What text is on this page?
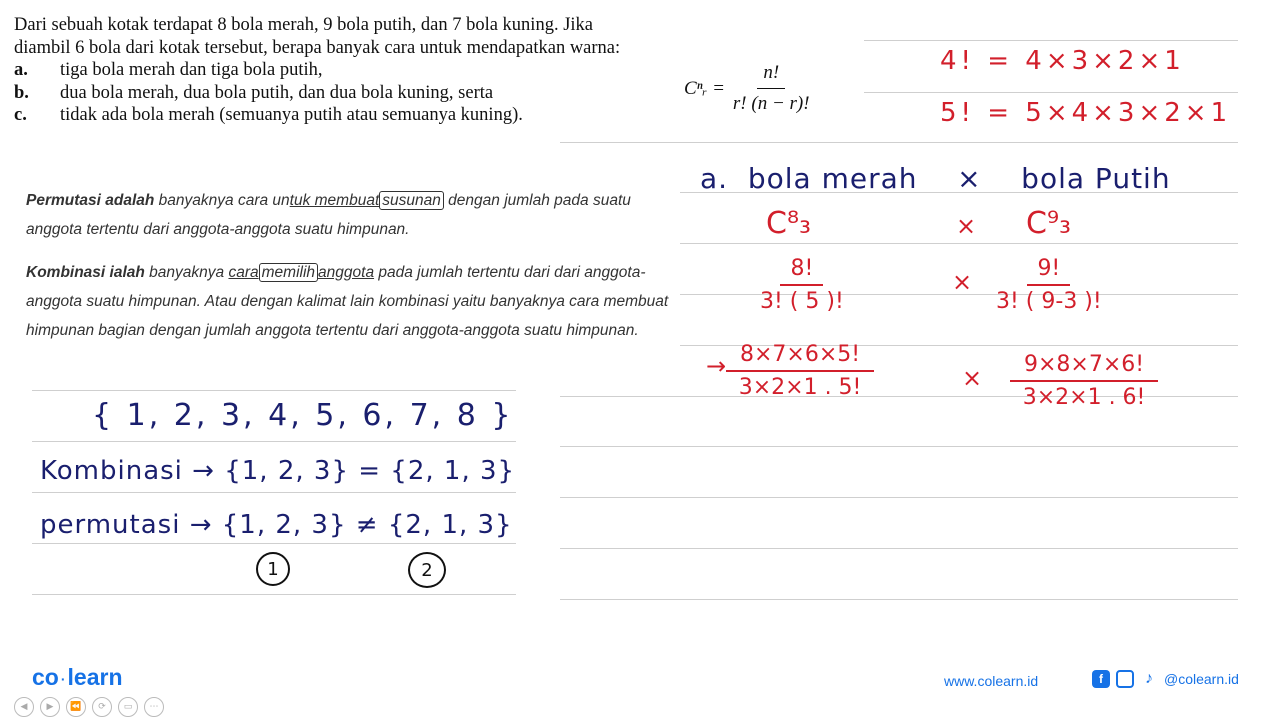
Dari sebuah kotak terdapat 8 bola merah, 9 bola putih, dan 7 bola kuning. Jika diambil 6 bola dari kotak tersebut, berapa banyak cara untuk mendapatkan warna:

a.	tiga bola merah dan tiga bola putih,
b.	dua bola merah, dua bola putih, dan dua bola kuning, serta
c.	tidak ada bola merah (semuanya putih atau semuanya kuning).

Permutasi adalah banyaknya cara untuk membuat susunan dengan jumlah pada suatu anggota tertentu dari anggota-anggota suatu himpunan.

Kombinasi ialah banyaknya cara memilih anggota pada jumlah tertentu dari dari anggota-anggota suatu himpunan. Atau dengan kalimat lain kombinasi yaitu banyaknya cara membuat himpunan bagian dengan jumlah anggota tertentu dari anggota-anggota suatu himpunan.

Cⁿᵣ = $\frac{n!}{r! (n - r)!}$
{ 1, 2, 3, 4, 5, 6, 7, 8 }
Kombinasi → {1, 2, 3} = {2, 1, 3}
permutasi → {1, 2, 3} ≠ {2, 1, 3}
1	2
4! = 4×3×2×1
5! = 5×4×3×2×1
a.  bola merah    ×    bola Putih
C⁸₃	× C⁹₃
8!
3! ( 5 )!
×	9!
3! ( 9-3 )!
→ 8×7×6×5!
3×2×1 . 5!	×	9×8×7×6!
3×2×1 . 6!
co ·learn
◀	▶	⏪	⟳	▭	⋯
www.colearn.id	f	♪ @colearn.id
